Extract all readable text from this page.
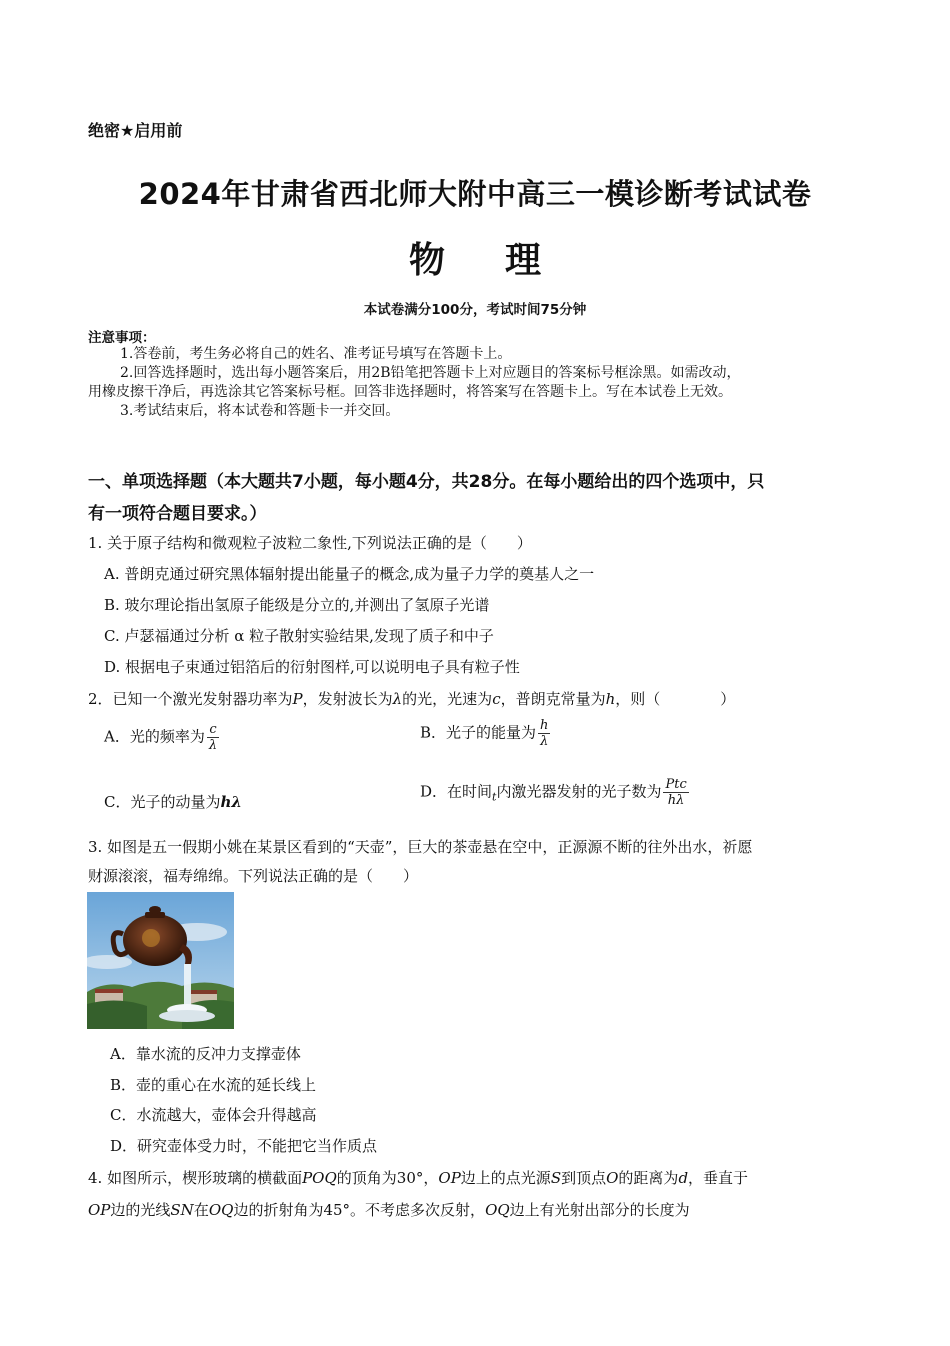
绝密★启用前
2024年甘肃省西北师大附中高三一模诊断考试试卷
物理
本试卷满分100分，考试时间75分钟
注意事项：
1.答卷前，考生务必将自己的姓名、准考证号填写在答题卡上。
2.回答选择题时，选出每小题答案后，用2B铅笔把答题卡上对应题目的答案标号框涂黑。如需改动，
用橡皮擦干净后，再选涂其它答案标号框。回答非选择题时，将答案写在答题卡上。写在本试卷上无效。
3.考试结束后，将本试卷和答题卡一并交回。
一、单项选择题（本大题共7小题，每小题4分，共28分。在每小题给出的四个选项中，只
有一项符合题目要求。）
1. 关于原子结构和微观粒子波粒二象性,下列说法正确的是（　　）
A. 普朗克通过研究黑体辐射提出能量子的概念,成为量子力学的奠基人之一
B. 玻尔理论指出氢原子能级是分立的,并测出了氢原子光谱
C. 卢瑟福通过分析 α 粒子散射实验结果,发现了质子和中子
D. 根据电子束通过铝箔后的衍射图样,可以说明电子具有粒子性
2．已知一个激光发射器功率为P，发射波长为λ的光，光速为c，普朗克常量为h，则（　　　　）
A．光的频率为 $\frac{c}{\lambda}$	B．光子的能量为 $\frac{h}{\lambda}$
C．光子的动量为hλ
D．在时间$_t$内激光器发射的光子数为 $\frac{\text{Ptc}}{h\lambda}$
3. 如图是五一假期小姚在某景区看到的“天壶”，巨大的茶壶悬在空中，正源源不断的往外出水，祈愿
财源滚滚，福寿绵绵。下列说法正确的是（　　）
A．靠水流的反冲力支撑壶体
B．壶的重心在水流的延长线上
C．水流越大，壶体会升得越高
D．研究壶体受力时，不能把它当作质点
4. 如图所示，楔形玻璃的横截面POQ的顶角为30°，OP边上的点光源S到顶点O的距离为d，垂直于
OP边的光线SN在OQ边的折射角为45°。不考虑多次反射，OQ边上有光射出部分的长度为
